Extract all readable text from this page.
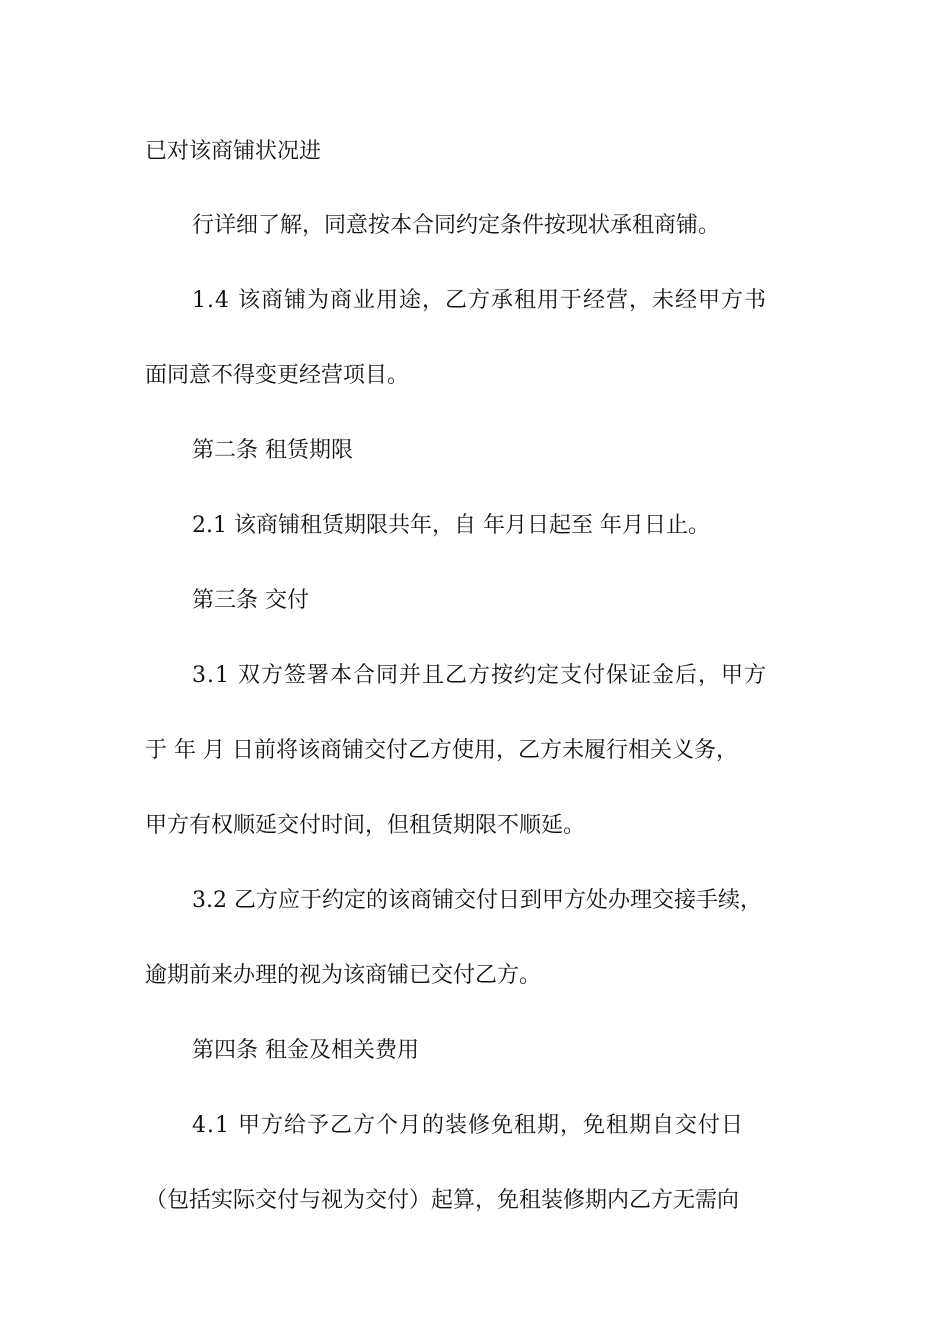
已对该商铺状况进
行详细了解，同意按本合同约定条件按现状承租商铺。
1.4 该商铺为商业用途，乙方承租用于经营，未经甲方书
面同意不得变更经营项目。
第二条 租赁期限
2.1 该商铺租赁期限共年，自 年月日起至 年月日止。
第三条 交付
3.1 双方签署本合同并且乙方按约定支付保证金后，甲方
于 年 月 日前将该商铺交付乙方使用，乙方未履行相关义务，
甲方有权顺延交付时间，但租赁期限不顺延。
3.2 乙方应于约定的该商铺交付日到甲方处办理交接手续，
逾期前来办理的视为该商铺已交付乙方。
第四条 租金及相关费用
4.1 甲方给予乙方个月的装修免租期，免租期自交付日
（包括实际交付与视为交付）起算，免租装修期内乙方无需向
